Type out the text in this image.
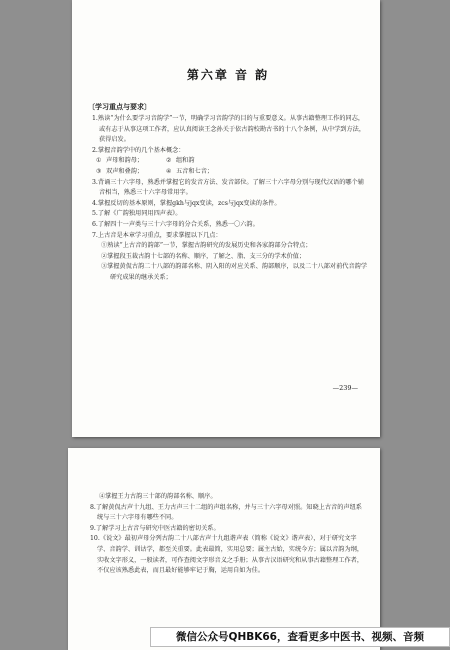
第六章 音 韵

〔学习重点与要求〕

1.熟读“为什么要学习音韵学”一节，明确学习音韵学的目的与重要意义。从事古籍整理工作的同志，或有志于从事这项工作者，应认真阅读王念孙关于依古韵校勘古书的十八个条例，从中学到方法，获得启发。

2.掌握音韵学中的几个基本概念：

① 声母和韵母；	② 组和韵
③ 双声和叠韵；	④ 五音和七音；

3.背诵三十六字母，熟悉并掌握它的发音方法、发音部位。了解三十六字母分别与现代汉语的哪个辅音相当，熟悉三十六字母常用字。

4.掌握反切的基本原则，掌握gkh与jqx变读，zcs与jqx变读的条件。

5.了解《广韵独用同用四声表》。

6.了解四十一声类与三十六字母的分合关系，熟悉一〇六韵。

7.上古音是本章学习重点，要求掌握以下几点：

①熟读“上古音的韵部”一节，掌握古韵研究的发展历史和各家韵部分合特点；

②掌握段玉裁古韵十七部的名称、顺序，了解之、脂、支三分的学术价值；

③掌握黄侃古韵二十八部的韵部名称、阴入阳的对应关系、韵部顺序，以及二十八部对前代音韵学研究成果的继承关系；

—239—

④掌握王力古韵三十部的韵部名称、顺序。

8.了解黄侃古声十九组、王力古声三十二组的声组名称，并与三十六字母对照。知晓上古音的声纽系统与三十六字母有哪些不同。

9.了解学习上古音与研究中医古籍的密切关系。

10.《说文》最初声母分列古韵二十八部古声十九组谐声表（简称《说文》谐声表），对于研究文字学、音韵学、训诂学，都至关重要。此表最简，实用总要；属主古始，实统今方；属以音韵为纲，实收文字形义，一般读者，可作查阅文字形音义之手册；从事古汉语研究和从事古籍整理工作者，不仅应该熟悉此表，而且最好能够牢记于胸，运用自如为佳。

微信公众号QHBK66，查看更多中医书、视频、音频
